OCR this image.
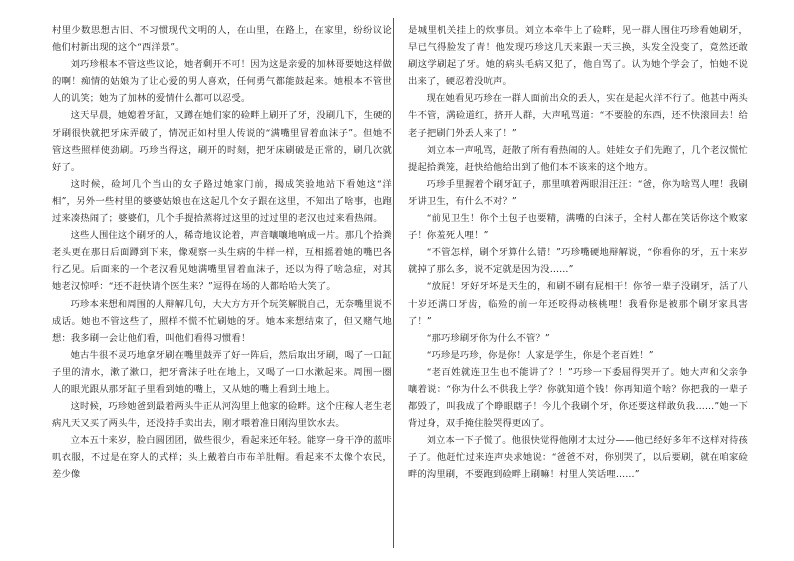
村里少数思想古旧、不习惯现代文明的人，在山里，在路上，在家里，纷纷议论他们村新出现的这个“西洋景”。

刘巧珍根本不管这些议论，她者剩开不可！因为这是亲爱的加林哥要她这样做的啊！痴情的姑娘为了让心爱的男人喜欢，任何勇气都能鼓起来。她根本不管世人的讥笑；她为了加林的爱情什么都可以忍受。

这天早晨，她媳着牙缸，又蹲在她们家的硷畔上刷开了牙，没刷几下，生硬的牙刷很快就把牙床弄破了，情况正如村里人传说的“满嘴里冒着血沫子”。但她不管这些照样使劲刷。巧珍当得这，刷开的时刻，把牙床刷破是正常的，刷几次就好了。

这时候，硷坷几个当山的女子路过她家门前，揭成笑验地站下看她这“洋相”，另外一些村里的婆婆姑娘也在这起几个女子跟在这里，不知出了啥事，也跑过来凑热闹了；婆婆们，几个手提拾蒸将过这里的过过里的老汉也过来看热闹。

这些人围住这个刷牙的人，稀奇地议论着，声音嚷嚷地响成一片。那几个拾粪老头更在那日后面蹲到下来，像观察一头生病的牛样一样，互相摇着她的嘴巴各行乙见。后面来的一个老汉看见她满嘴里冒着血沫子，还以为得了啥急症，对其她老汉惊呼：“还不赶快请个医生来？”逗得在场的人都哈哈大笑了。

巧珍本来想和周围的人辩解几句，大大方方开个玩笑解脱自己，无奈嘴里说不成话。她也不管这些了，照样不慌不忙刷她的牙。她本来想结束了，但又赌气地想：我多刷一会让他们看，叫他们看得习惯看！

她古牛很不灵巧地拿牙刷在嘴里鼓弄了好一阵后，然后取出牙刷，喝了一口缸子里的清水，漱了漱口，把牙膏沫子吐在地上，又喝了一口水漱起来。周围一圈人的眼光跟从那牙缸子里看到她的嘴上，又从她的嘴上看到土地上。

这时候，巧珍她爸到最着两头牛正从河沟里上他家的硷畔。这个庄稼人老生老病凡天又买了两头牛，还没持手卖出去，刚才喂着准日刚沟里饮水去。

立本五十来岁，脸白圆团团，做些很少，看起来还年轻。能穿一身干净的蓝咔叽衣服，不过是在穿人的式样；头上戴着白市布羊肚帽。看起来不太像个农民，差少像

是城里机关挂上的炊事员。刘立本牵牛上了硷畔，见一群人围住巧珍看她刷牙，早已气得脸发了青！他发现巧珍这几天来跟一天三换，头发全没变了，竟然还敢刷这学刷起了牙。她的病头毛病又犯了，他自骂了。认为她个学会了，怕她不说出来了，硬忍着没吭声。

现在她看见巧珍在一群人面前出众的丢人，实在是起火洋不行了。他甚中两头牛不管，满硷道红，挤开人群，大声吼骂道：“不要脸的东西，还不快滚回去！给老子把刷门外丢人来了！”

刘立本一声吼骂，赶散了所有看热闹的人。娃娃女子们先跑了，几个老汉慌忙提起拾粪笼，赶快给他给出到了他们本不该来的这个地方。

巧珍手里握着个刷牙缸子，那里嗔着两眼泪汪汪：“爸，你为啥骂人哩！我刷牙讲卫生，有什么不对？”

“前见卫生！你个土包子也要精，满嘴的白沫子，全村人都在笑话你这个败家子！你羞死人哩！”

“不管怎样，刷个牙算什么错！”巧珍嘴硬地辩解说，“你看你的牙，五十来岁就掉了那么多，说不定就是因为没……”

“放屁！牙好牙坏是天生的，和刷不刷有屁相干！你爷一辈子没刷牙，活了八十岁还满口牙齿，临殓的前一年还咬得动核桃哩！我看你是被那个刷牙家具害了！”

“那巧珍刷牙你为什么不管？”

“巧珍是巧珍，你是你！人家是学生，你是个老百姓！”

“老百姓就连卫生也不能讲了？！”巧珍一下委屈得哭开了。她大声和父亲争嚷着说：“你为什么不供我上学？你就知道个钱！你再知道个啥？你把我的一辈子都毁了，叫我成了个睁眼瞎子！今儿个我刷个牙，你还要这样敢负我……”她一下背过身，双手掩住脸哭得更凶了。

刘立本一下子慌了。他很快觉得他刚才太过分——他已经好多年不这样对待孩子了。他赶忙过来连声央求她说：“爸爸不对，你别哭了，以后要刷，就在咱家硷畔的沟里刷，不要跑到硷畔上刷嘛！村里人笑话哩……”
